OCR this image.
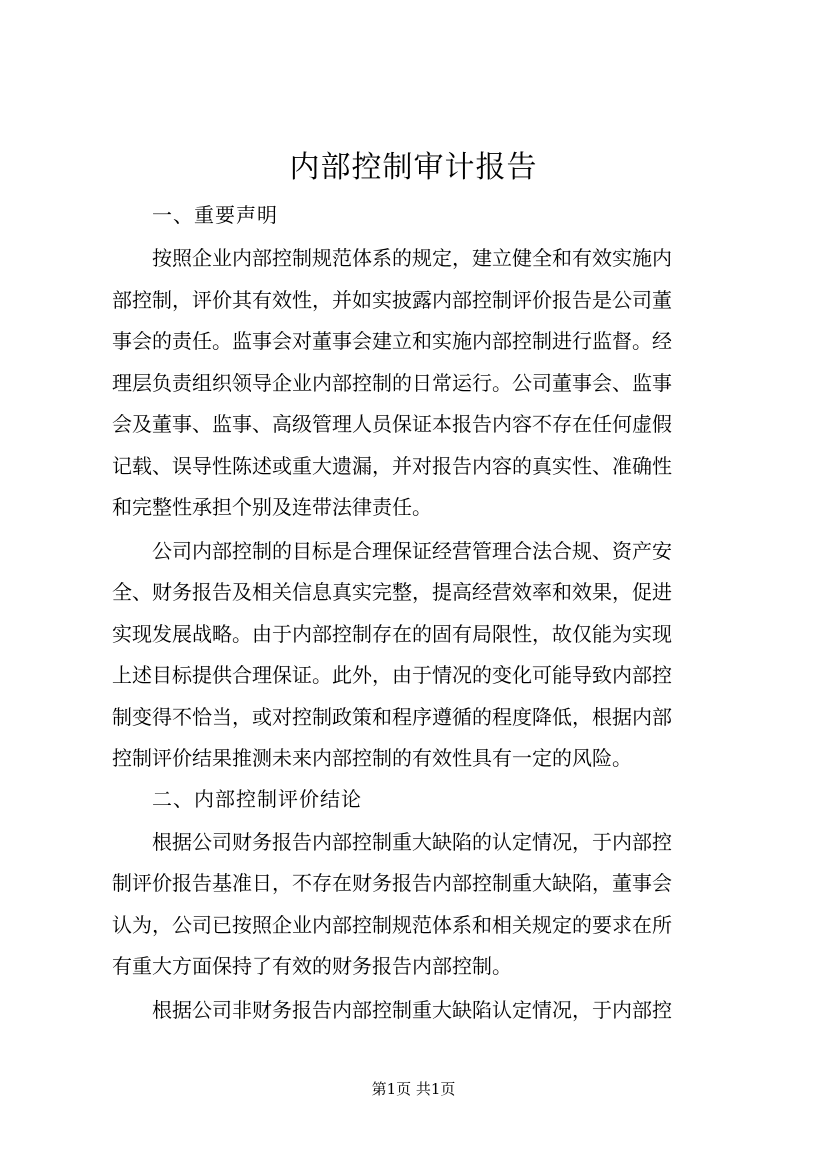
内部控制审计报告
一、重要声明
按照企业内部控制规范体系的规定，建立健全和有效实施内
部控制，评价其有效性，并如实披露内部控制评价报告是公司董
事会的责任。监事会对董事会建立和实施内部控制进行监督。经
理层负责组织领导企业内部控制的日常运行。公司董事会、监事
会及董事、监事、高级管理人员保证本报告内容不存在任何虚假
记载、误导性陈述或重大遗漏，并对报告内容的真实性、准确性
和完整性承担个别及连带法律责任。
公司内部控制的目标是合理保证经营管理合法合规、资产安
全、财务报告及相关信息真实完整，提高经营效率和效果，促进
实现发展战略。由于内部控制存在的固有局限性，故仅能为实现
上述目标提供合理保证。此外，由于情况的变化可能导致内部控
制变得不恰当，或对控制政策和程序遵循的程度降低，根据内部
控制评价结果推测未来内部控制的有效性具有一定的风险。
二、内部控制评价结论
根据公司财务报告内部控制重大缺陷的认定情况，于内部控
制评价报告基准日，不存在财务报告内部控制重大缺陷，董事会
认为，公司已按照企业内部控制规范体系和相关规定的要求在所
有重大方面保持了有效的财务报告内部控制。
根据公司非财务报告内部控制重大缺陷认定情况，于内部控
第1页 共1页
